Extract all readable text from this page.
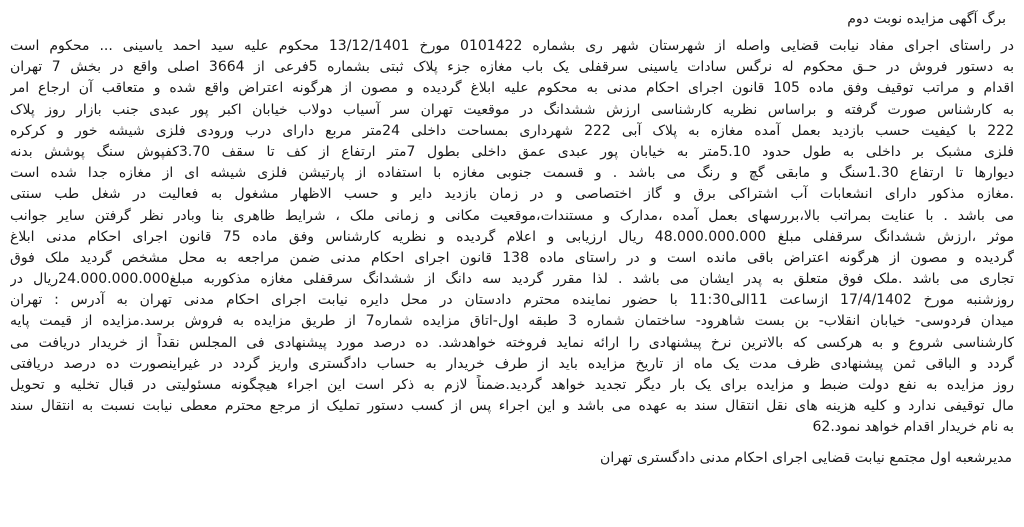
برگ آگهی مزایده نوبت دوم
در راستای اجرای مفاد نیابت قضایی واصله از شهرستان شهر ری بشماره 0101422 مورخ 13/12/1401 محکوم علیه سید احمد یاسینی ... محکوم است
به دستور فروش در حـق محکوم له نرگس سادات یاسینی سرقفلی یک باب مغازه جزء پلاک ثبتی بشماره 5فرعی از 3664 اصلی واقع در بخش 7 تهران
اقدام و مراتب توقیف وفق ماده 105 قانون اجرای احکام مدنی به محکوم علیه ابلاغ گردیده و مصون از هرگونه اعتراض واقع شده و متعاقب آن ارجاع امر
به کارشناس صورت گرفته و براساس نظریه کارشناسی ارزش ششدانگ در موقعیت تهران سر آسیاب دولاب خیابان اکبر پور عبدی جنب بازار روز پلاک
222 با کیفیت حسب بازدید بعمل آمده مغازه به پلاک آبی 222 شهرداری بمساحت داخلی 24متر مربع دارای درب ورودی فلزی شیشه خور و کرکره
فلزی مشبک بر داخلی به طول حدود 5.10متر به خیابان پور عبدی عمق داخلی بطول 7متر ارتفاع از کف تا سقف 3.70کفپوش سنگ پوشش بدنه
دیوارها تا ارتفاع 1.30سنگ و مابقی گچ و رنگ می باشد . و قسمت جنوبی مغازه با استفاده از پارتیشن فلزی شیشه ای از مغازه جدا شده است
.مغازه مذکور دارای انشعابات آب اشتراکی برق و گاز اختصاصی و در زمان بازدید دایر و حسب الاظهار مشغول به فعالیت در شغل طب سنتی
می باشد . با عنایت بمراتب بالا،بررسهای بعمل آمده ،مدارک و مستندات،موقعیت مکانی و زمانی ملک ، شرایط ظاهری بنا وبادر نظر گرفتن سایر جوانب
موثر ،ارزش ششدانگ سرقفلی مبلغ 48.000.000.000 ریال ارزیابی و اعلام گردیده و نظریه کارشناس وفق ماده 75 قانون اجرای احکام مدنی ابلاغ
گردیده و مصون از هرگونه اعتراض باقی مانده است و در راستای ماده 138 قانون اجرای احکام مدنی ضمن مراجعه به محل مشخص گردید ملک فوق
تجاری می باشد .ملک فوق متعلق به پدر ایشان می باشد . لذا مقرر گردید سه دانگ از ششدانگ سرقفلی مغازه مذکوربه مبلغ24.000.000.000ریال در
روزشنبه مورخ 17/4/1402 ازساعت 11الی11:30 با حضور نماینده محترم دادستان در محل دایره نیابت اجرای احکام مدنی تهران به آدرس : تهران
میدان فردوسی- خیابان انقلاب- بن بست شاهرود- ساختمان شماره 3 طبقه اول-اتاق مزایده شماره7 از طریق مزایده به فروش برسد.مزایده از قیمت پایه
کارشناسی شروع و به هرکسی که بالاترین نرخ پیشنهادی را ارائه نماید فروخته خواهدشد. ده درصد مورد پیشنهادی فی المجلس نقداً از خریدار دریافت می
گردد و الباقی ثمن پیشنهادی ظرف مدت یک ماه از تاریخ مزایده باید از طرف خریدار به حساب دادگستری واریز گردد در غیراینصورت ده درصد دریافتی
روز مزایده به نفع دولت ضبط و مزایده برای یک بار دیگر تجدید خواهد گردید.ضمناً لازم به ذکر است این اجراء هیچگونه مسئولیتی در قبال تخلیه و تحویل
مال توقیفی ندارد و کلیه هزینه های نقل انتقال سند به عهده می باشد و این اجراء پس از کسب دستور تملیک از مرجع محترم معطی نیابت نسبت به انتقال سند
به نام خریدار اقدام خواهد نمود.62
مدیرشعبه اول مجتمع نیابت قضایی اجرای احکام مدنی دادگستری تهران
